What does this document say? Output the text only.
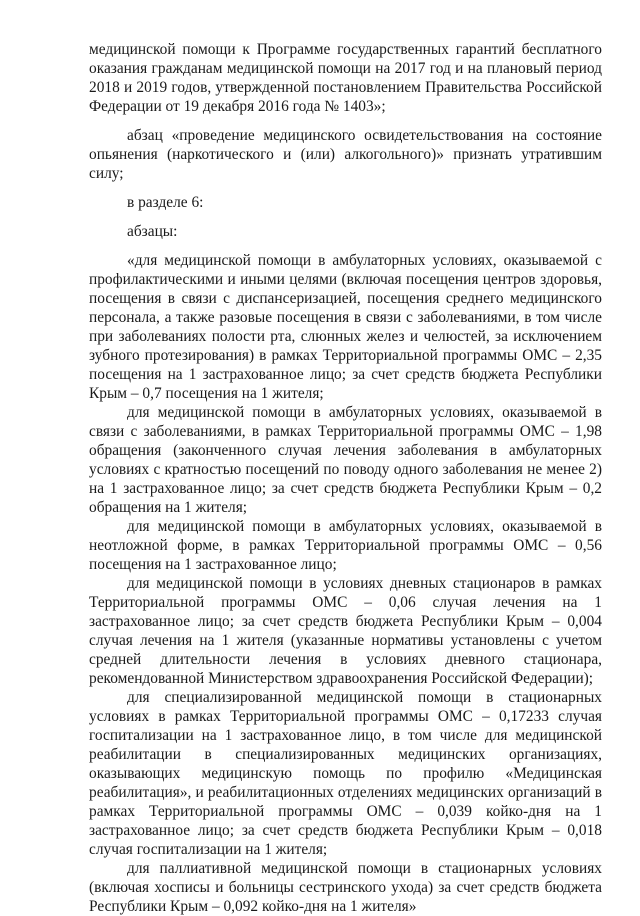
медицинской помощи к Программе государственных гарантий бесплатного оказания гражданам медицинской помощи на 2017 год и на плановый период 2018 и 2019 годов, утвержденной постановлением Правительства Российской Федерации от 19 декабря 2016 года № 1403»;

абзац «проведение медицинского освидетельствования на состояние опьянения (наркотического и (или) алкогольного)» признать утратившим силу;

в разделе 6:

абзацы:

«для медицинской помощи в амбулаторных условиях, оказываемой с профилактическими и иными целями (включая посещения центров здоровья, посещения в связи с диспансеризацией, посещения среднего медицинского персонала, а также разовые посещения в связи с заболеваниями, в том числе при заболеваниях полости рта, слюнных желез и челюстей, за исключением зубного протезирования) в рамках Территориальной программы ОМС – 2,35 посещения на 1 застрахованное лицо; за счет средств бюджета Республики Крым – 0,7 посещения на 1 жителя;

для медицинской помощи в амбулаторных условиях, оказываемой в связи с заболеваниями, в рамках Территориальной программы ОМС – 1,98 обращения (законченного случая лечения заболевания в амбулаторных условиях с кратностью посещений по поводу одного заболевания не менее 2) на 1 застрахованное лицо; за счет средств бюджета Республики Крым – 0,2 обращения на 1 жителя;

для медицинской помощи в амбулаторных условиях, оказываемой в неотложной форме, в рамках Территориальной программы ОМС – 0,56 посещения на 1 застрахованное лицо;

для медицинской помощи в условиях дневных стационаров в рамках Территориальной программы ОМС – 0,06 случая лечения на 1 застрахованное лицо; за счет средств бюджета Республики Крым – 0,004 случая лечения на 1 жителя (указанные нормативы установлены с учетом средней длительности лечения в условиях дневного стационара, рекомендованной Министерством здравоохранения Российской Федерации);

для специализированной медицинской помощи в стационарных условиях в рамках Территориальной программы ОМС – 0,17233 случая госпитализации на 1 застрахованное лицо, в том числе для медицинской реабилитации в специализированных медицинских организациях, оказывающих медицинскую помощь по профилю «Медицинская реабилитация», и реабилитационных отделениях медицинских организаций в рамках Территориальной программы ОМС – 0,039 койко-дня на 1 застрахованное лицо; за счет средств бюджета Республики Крым – 0,018 случая госпитализации на 1 жителя;

для паллиативной медицинской помощи в стационарных условиях (включая хосписы и больницы сестринского ухода) за счет средств бюджета Республики Крым – 0,092 койко-дня на 1 жителя»
